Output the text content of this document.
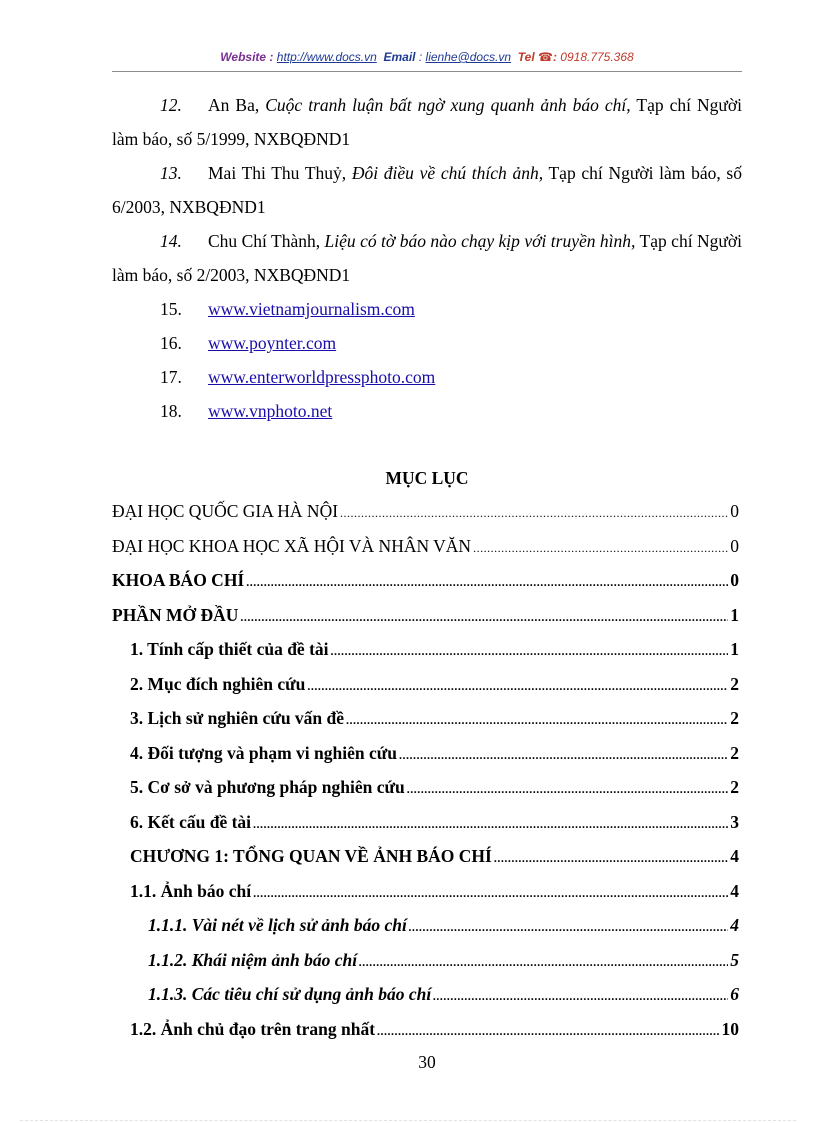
Website : http://www.docs.vn Email : lienhe@docs.vn Tel ☎: 0918.775.368
12. An Ba, Cuộc tranh luận bất ngờ xung quanh ảnh báo chí, Tạp chí Người làm báo, số 5/1999, NXBQĐND1
13. Mai Thi Thu Thuỷ, Đôi điều về chú thích ảnh, Tạp chí Người làm báo, số 6/2003, NXBQĐND1
14. Chu Chí Thành, Liệu có tờ báo nào chạy kịp với truyền hình, Tạp chí Người làm báo, số 2/2003, NXBQĐND1
15. www.vietnamjournalism.com
16. www.poynter.com
17. www.enterworldpressphoto.com
18. www.vnphoto.net
MỤC LỤC
ĐẠI HỌC QUỐC GIA HÀ NỘI .....	0
ĐẠI HỌC KHOA HỌC XÃ HỘI VÀ NHÂN VĂN .....	0
KHOA BÁO CHÍ .....	0
PHẦN MỞ ĐẦU .....	1
1. Tính cấp thiết của đề tài .....	1
2. Mục đích nghiên cứu .....	2
3. Lịch sử nghiên cứu vấn đề .....	2
4. Đối tượng và phạm vi nghiên cứu .....	2
5. Cơ sở và phương pháp nghiên cứu .....	2
6. Kết cấu đề tài .....	3
CHƯƠNG 1: TỔNG QUAN VỀ ẢNH BÁO CHÍ .....	4
1.1. Ảnh báo chí .....	4
1.1.1. Vài nét về lịch sử ảnh báo chí .....	4
1.1.2. Khái niệm ảnh báo chí .....	5
1.1.3. Các tiêu chí sử dụng ảnh báo chí .....	6
1.2. Ảnh chủ đạo trên trang nhất .....	10
30
